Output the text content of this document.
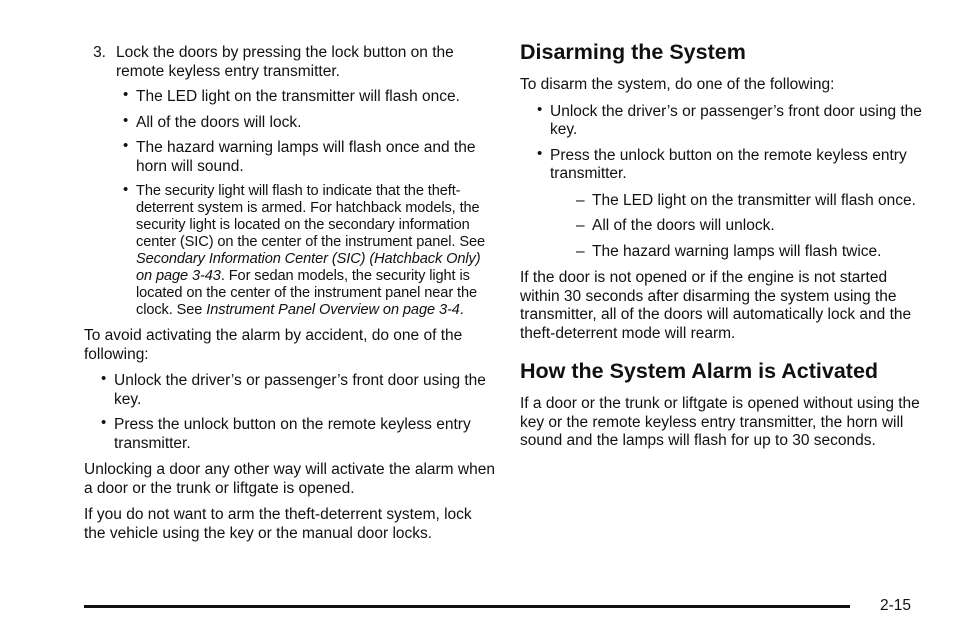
3. Lock the doors by pressing the lock button on the remote keyless entry transmitter.
• The LED light on the transmitter will flash once.
• All of the doors will lock.
• The hazard warning lamps will flash once and the horn will sound.
• The security light will flash to indicate that the theft-deterrent system is armed. For hatchback models, the security light is located on the secondary information center (SIC) on the center of the instrument panel. See Secondary Information Center (SIC) (Hatchback Only) on page 3-43. For sedan models, the security light is located on the center of the instrument panel near the clock. See Instrument Panel Overview on page 3-4.

To avoid activating the alarm by accident, do one of the following:

• Unlock the driver’s or passenger’s front door using the key.
• Press the unlock button on the remote keyless entry transmitter.

Unlocking a door any other way will activate the alarm when a door or the trunk or liftgate is opened.

If you do not want to arm the theft-deterrent system, lock the vehicle using the key or the manual door locks.

Disarming the System

To disarm the system, do one of the following:

• Unlock the driver’s or passenger’s front door using the key.
• Press the unlock button on the remote keyless entry transmitter.
– The LED light on the transmitter will flash once.
– All of the doors will unlock.
– The hazard warning lamps will flash twice.

If the door is not opened or if the engine is not started within 30 seconds after disarming the system using the transmitter, all of the doors will automatically lock and the theft-deterrent mode will rearm.

How the System Alarm is Activated

If a door or the trunk or liftgate is opened without using the key or the remote keyless entry transmitter, the horn will sound and the lamps will flash for up to 30 seconds.

2-15
